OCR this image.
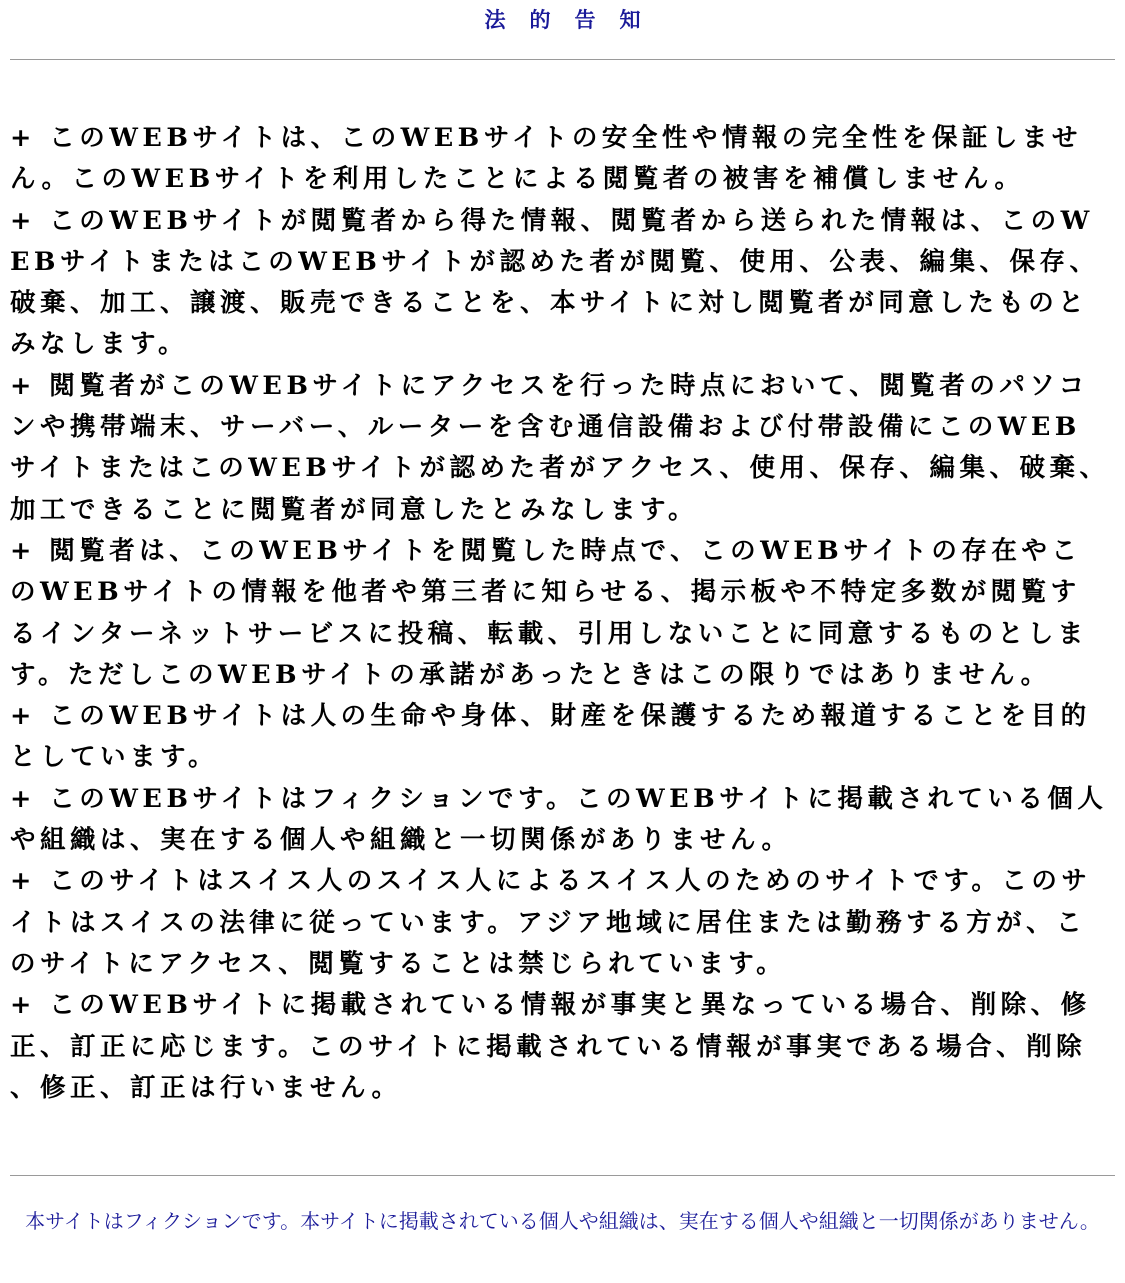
法的告知
+ このWEBサイトは、このWEBサイトの安全性や情報の完全性を保証しません。このWEBサイトを利用したことによる閲覧者の被害を補償しません。
+ このWEBサイトが閲覧者から得た情報、閲覧者から送られた情報は、このWEBサイトまたはこのWEBサイトが認めた者が閲覧、使用、公表、編集、保存、破棄、加工、譲渡、販売できることを、本サイトに対し閲覧者が同意したものとみなします。
+ 閲覧者がこのWEBサイトにアクセスを行った時点において、閲覧者のパソコンや携帯端末、サーバー、ルーターを含む通信設備および付帯設備にこのWEBサイトまたはこのWEBサイトが認めた者がアクセス、使用、保存、編集、破棄、加工できることに閲覧者が同意したとみなします。
+ 閲覧者は、このWEBサイトを閲覧した時点で、このWEBサイトの存在やこのWEBサイトの情報を他者や第三者に知らせる、掲示板や不特定多数が閲覧するインターネットサービスに投稿、転載、引用しないことに同意するものとします。ただしこのWEBサイトの承諾があったときはこの限りではありません。
+ このWEBサイトは人の生命や身体、財産を保護するため報道することを目的としています。
+ このWEBサイトはフィクションです。このWEBサイトに掲載されている個人や組織は、実在する個人や組織と一切関係がありません。
+ このサイトはスイス人のスイス人によるスイス人のためのサイトです。このサイトはスイスの法律に従っています。アジア地域に居住または勤務する方が、このサイトにアクセス、閲覧することは禁じられています。
+ このWEBサイトに掲載されている情報が事実と異なっている場合、削除、修正、訂正に応じます。このサイトに掲載されている情報が事実である場合、削除、修正、訂正は行いません。

本サイトはフィクションです。本サイトに掲載されている個人や組織は、実在する個人や組織と一切関係がありません。
